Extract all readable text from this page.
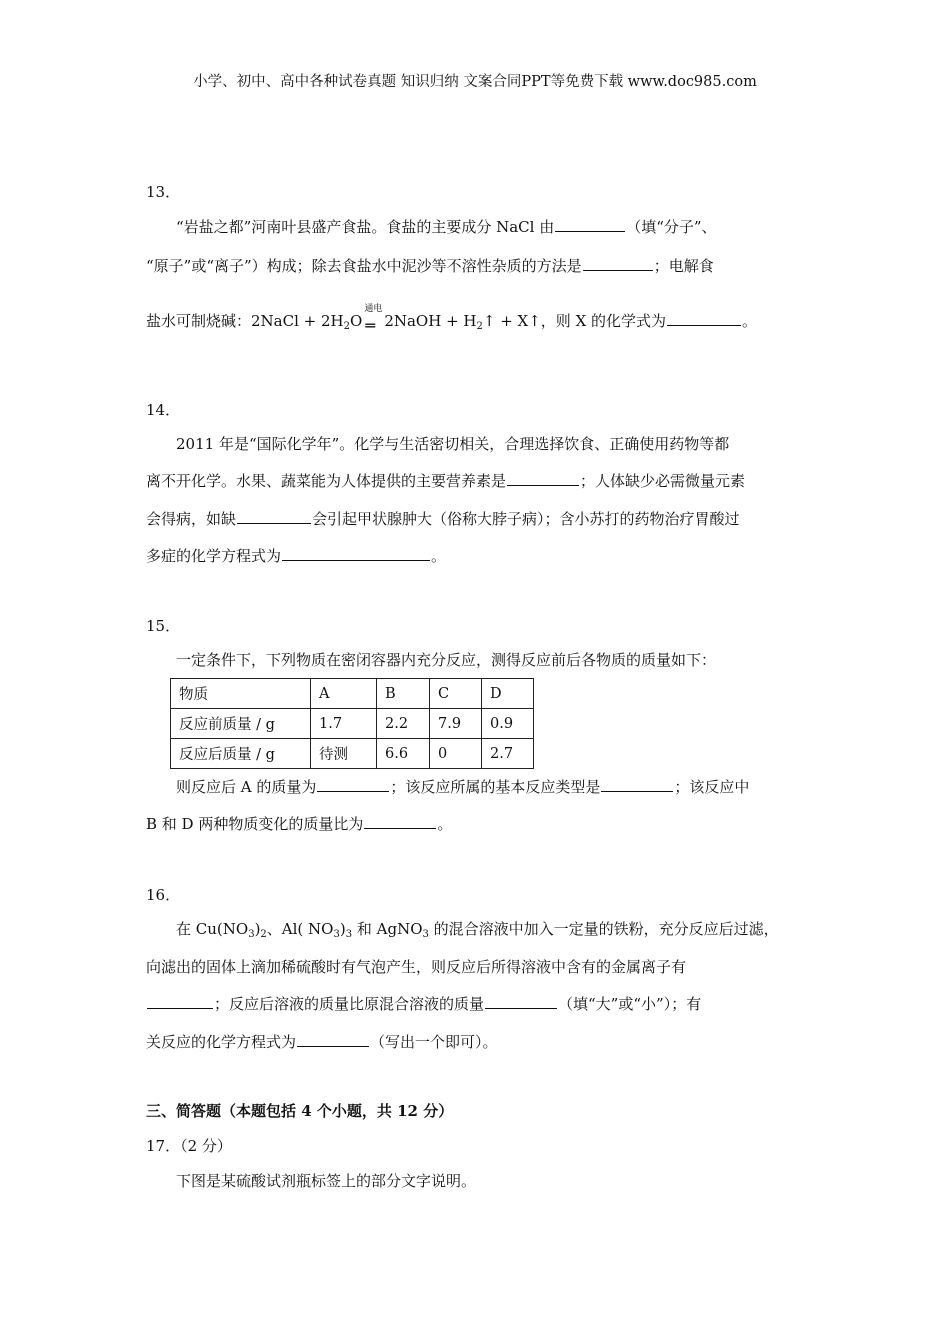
小学、初中、高中各种试卷真题 知识归纳 文案合同PPT等免费下载 www.doc985.com
13．
“岩盐之都”河南叶县盛产食盐。食盐的主要成分 NaCl 由	（填“分子”、
“原子”或“离子”）构成；除去食盐水中泥沙等不溶性杂质的方法是	；电解食
盐水可制烧碱：2NaCl + $2H_2O$
通电
═ 2NaOH + $H_2↑$ + X↑，则 X 的化学式为	。
14．
2011 年是“国际化学年”。化学与生活密切相关，合理选择饮食、正确使用药物等都
离不开化学。水果、蔬菜能为人体提供的主要营养素是	；人体缺少必需微量元素
会得病，如缺	会引起甲状腺肿大（俗称大脖子病）；含小苏打的药物治疗胃酸过
多症的化学方程式为	。
15．
一定条件下，下列物质在密闭容器内充分反应，测得反应前后各物质的质量如下：
物质	A	B	C	D
反应前质量 / g	1.7	2.2	7.9	0.9
反应后质量 / g	待测	6.6	0	2.7
则反应后 A 的质量为	；该反应所属的基本反应类型是	；该反应中
B 和 D 两种物质变化的质量比为	。
16．
在 $Cu(NO_3)_2$、Al( $NO_3)_3$ 和 AgNO$_3$ 的混合溶液中加入一定量的铁粉，充分反应后过滤，
向滤出的固体上滴加稀硫酸时有气泡产生，则反应后所得溶液中含有的金属离子有
；反应后溶液的质量比原混合溶液的质量	（填“大”或“小”）；有
关反应的化学方程式为	（写出一个即可）。
三、简答题（本题包括 4 个小题，共 12 分）
17．（2 分）
下图是某硫酸试剂瓶标签上的部分文字说明。
